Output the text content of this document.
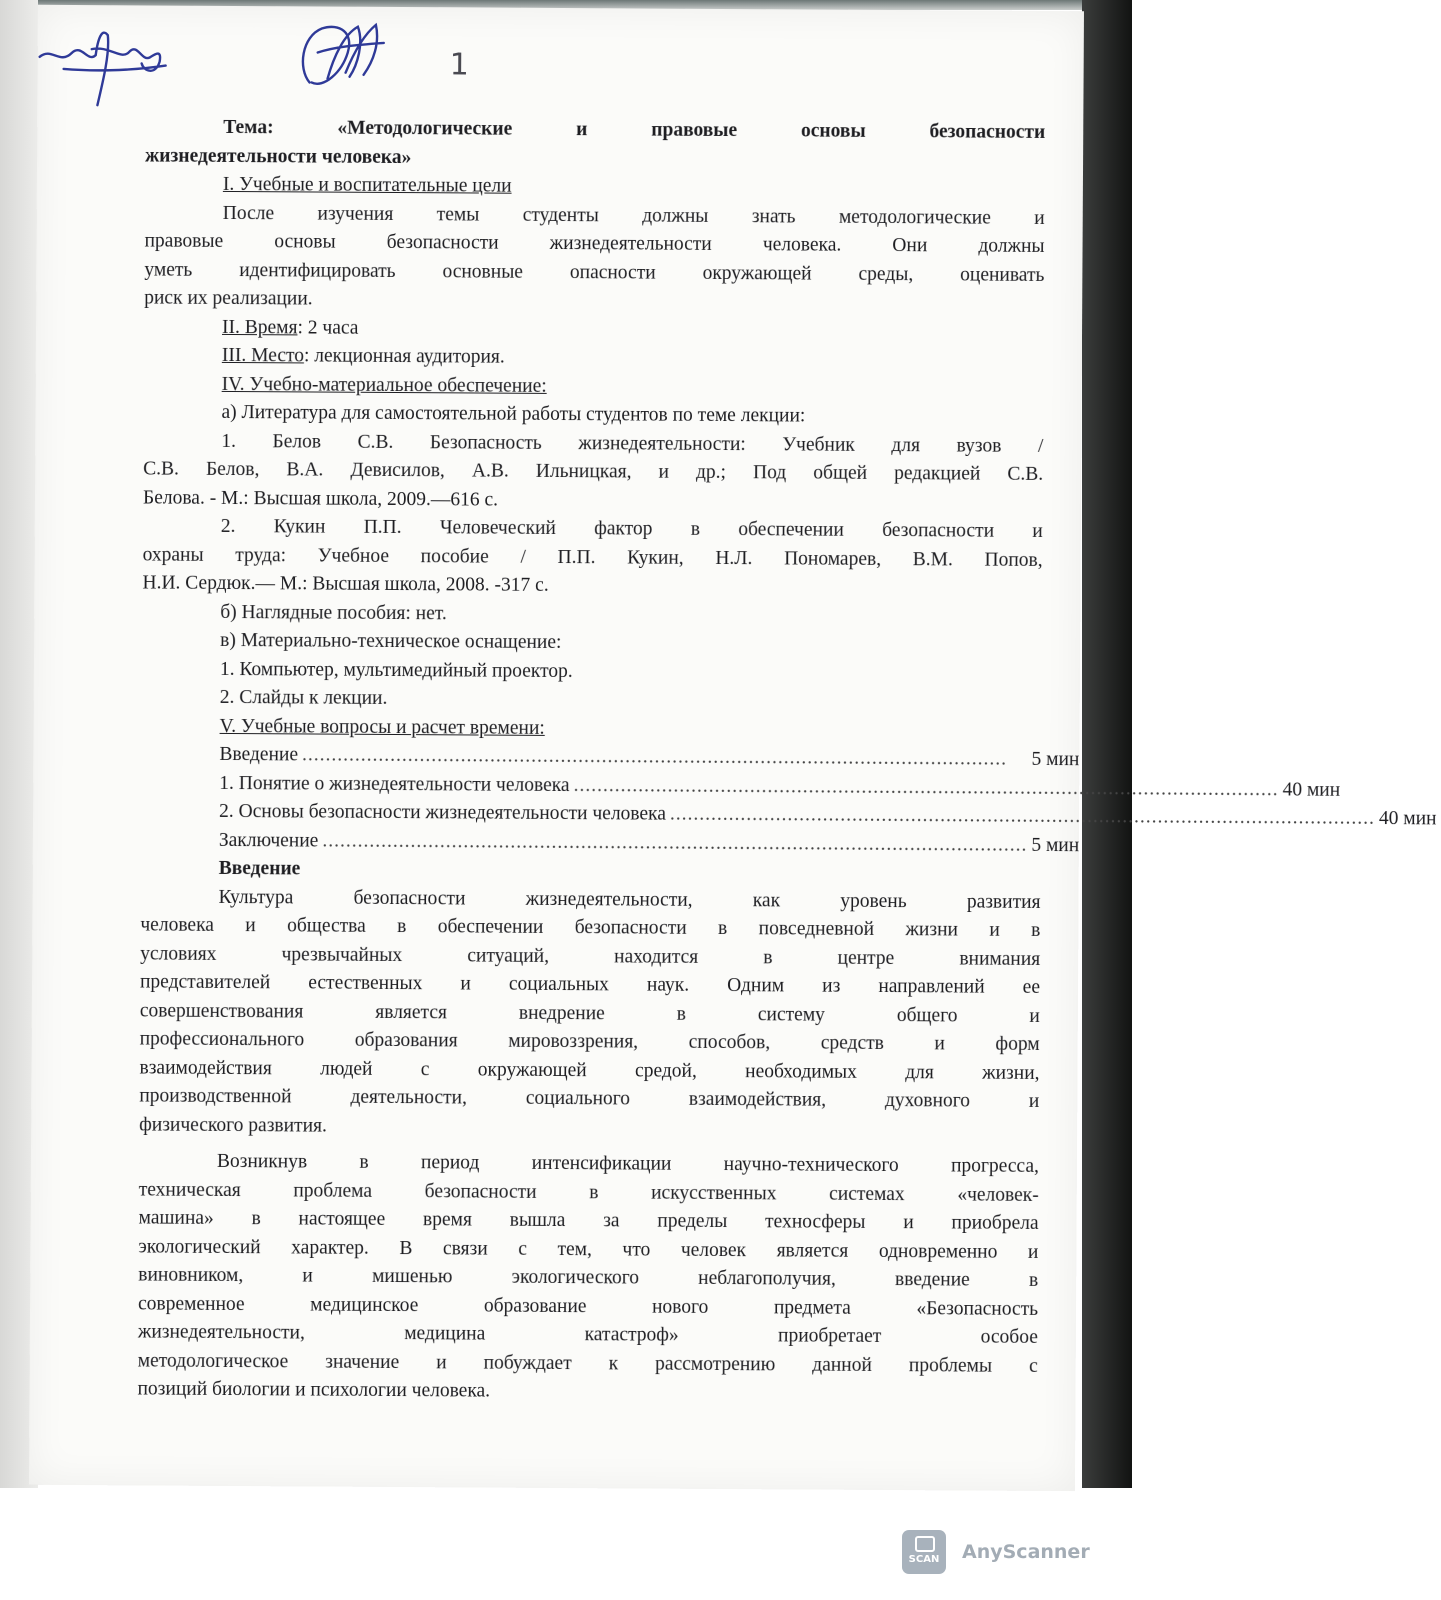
1
Тема: «Методологические и правовые основы безопасности
жизнедеятельности человека»
I. Учебные и воспитательные цели
После изучения темы студенты должны знать методологические и
правовые основы безопасности жизнедеятельности человека. Они должны
уметь идентифицировать основные опасности окружающей среды, оценивать
риск их реализации.
II. Время: 2 часа
III. Место: лекционная аудитория.
IV. Учебно-материальное обеспечение:
а) Литература для самостоятельной работы студентов по теме лекции:
1. Белов С.В. Безопасность жизнедеятельности: Учебник для вузов /
С.В. Белов, В.А. Девисилов, А.В. Ильницкая, и др.; Под общей редакцией С.В.
Белова. - М.: Высшая школа, 2009.—616 с.
2. Кукин П.П. Человеческий фактор в обеспечении безопасности и
охраны труда: Учебное пособие / П.П. Кукин, Н.Л. Пономарев, В.М. Попов,
Н.И. Сердюк.— М.: Высшая школа, 2008. -317 с.
б) Наглядные пособия: нет.
в) Материально-техническое оснащение:
1. Компьютер, мультимедийный проектор.
2. Слайды к лекции.
V. Учебные вопросы и расчет времени:
Введение ........................................................................................................................	5 мин
1. Понятие о жизнедеятельности человека ........................................................................................................................ 40 мин
2. Основы безопасности жизнедеятельности человека ........................................................................................................................ 40 мин
Заключение ........................................................................................................................ 5 мин
Введение
Культура безопасности жизнедеятельности, как уровень развития
человека и общества в обеспечении безопасности в повседневной жизни и в
условиях чрезвычайных ситуаций, находится в центре внимания
представителей естественных и социальных наук. Одним из направлений ее
совершенствования является внедрение в систему общего и
профессионального образования мировоззрения, способов, средств и форм
взаимодействия людей с окружающей средой, необходимых для жизни,
производственной деятельности, социального взаимодействия, духовного и
физического развития.
Возникнув в период интенсификации научно-технического прогресса,
техническая проблема безопасности в искусственных системах «человек-
машина» в настоящее время вышла за пределы техносферы и приобрела
экологический характер. В связи с тем, что человек является одновременно и
виновником, и мишенью экологического неблагополучия, введение в
современное медицинское образование нового предмета «Безопасность
жизнедеятельности, медицина катастроф» приобретает особое
методологическое значение и побуждает к рассмотрению данной проблемы с
позиций биологии и психологии человека.
SCAN	AnyScanner
